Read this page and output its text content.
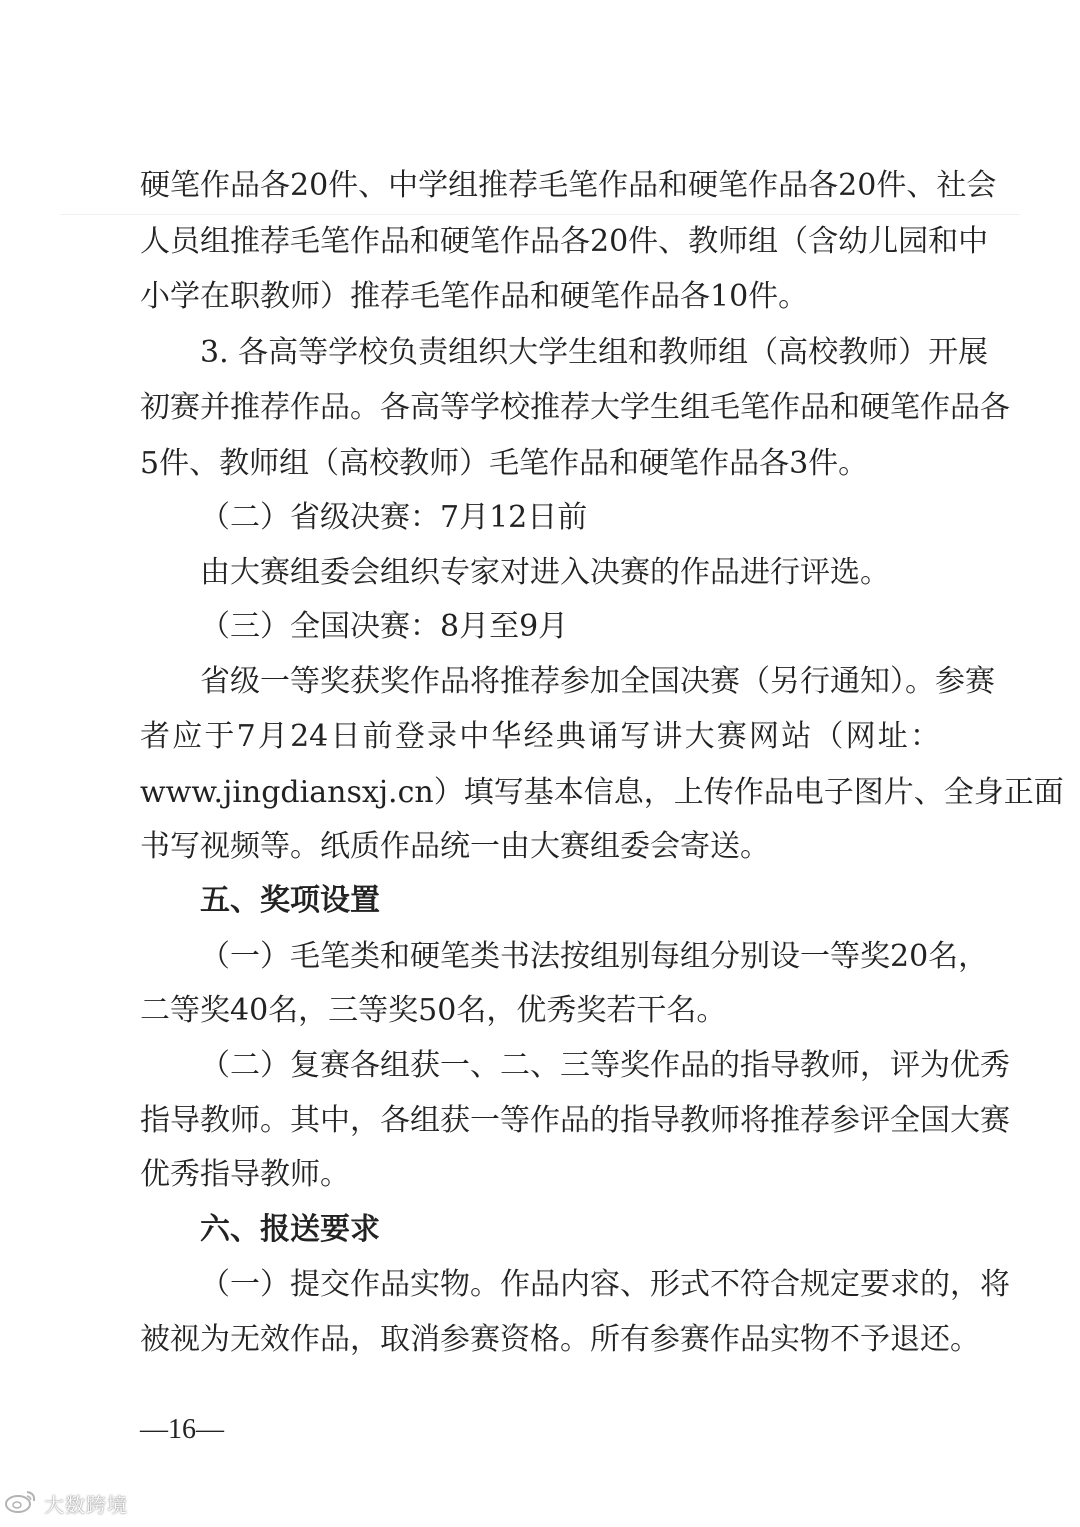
硬笔作品各20件、中学组推荐毛笔作品和硬笔作品各20件、社会
人员组推荐毛笔作品和硬笔作品各20件、教师组（含幼儿园和中
小学在职教师）推荐毛笔作品和硬笔作品各10件。
3. 各高等学校负责组织大学生组和教师组（高校教师）开展
初赛并推荐作品。各高等学校推荐大学生组毛笔作品和硬笔作品各
5件、教师组（高校教师）毛笔作品和硬笔作品各3件。
（二）省级决赛：7月12日前
由大赛组委会组织专家对进入决赛的作品进行评选。
（三）全国决赛：8月至9月
省级一等奖获奖作品将推荐参加全国决赛（另行通知）。参赛
者应于7月24日前登录中华经典诵写讲大赛网站（网址：
www.jingdiansxj.cn）填写基本信息，上传作品电子图片、全身正面
书写视频等。纸质作品统一由大赛组委会寄送。
五、奖项设置
（一）毛笔类和硬笔类书法按组别每组分别设一等奖20名，
二等奖40名，三等奖50名，优秀奖若干名。
（二）复赛各组获一、二、三等奖作品的指导教师，评为优秀
指导教师。其中，各组获一等作品的指导教师将推荐参评全国大赛
优秀指导教师。
六、报送要求
（一）提交作品实物。作品内容、形式不符合规定要求的，将
被视为无效作品，取消参赛资格。所有参赛作品实物不予退还。
—16—
大数跨境
